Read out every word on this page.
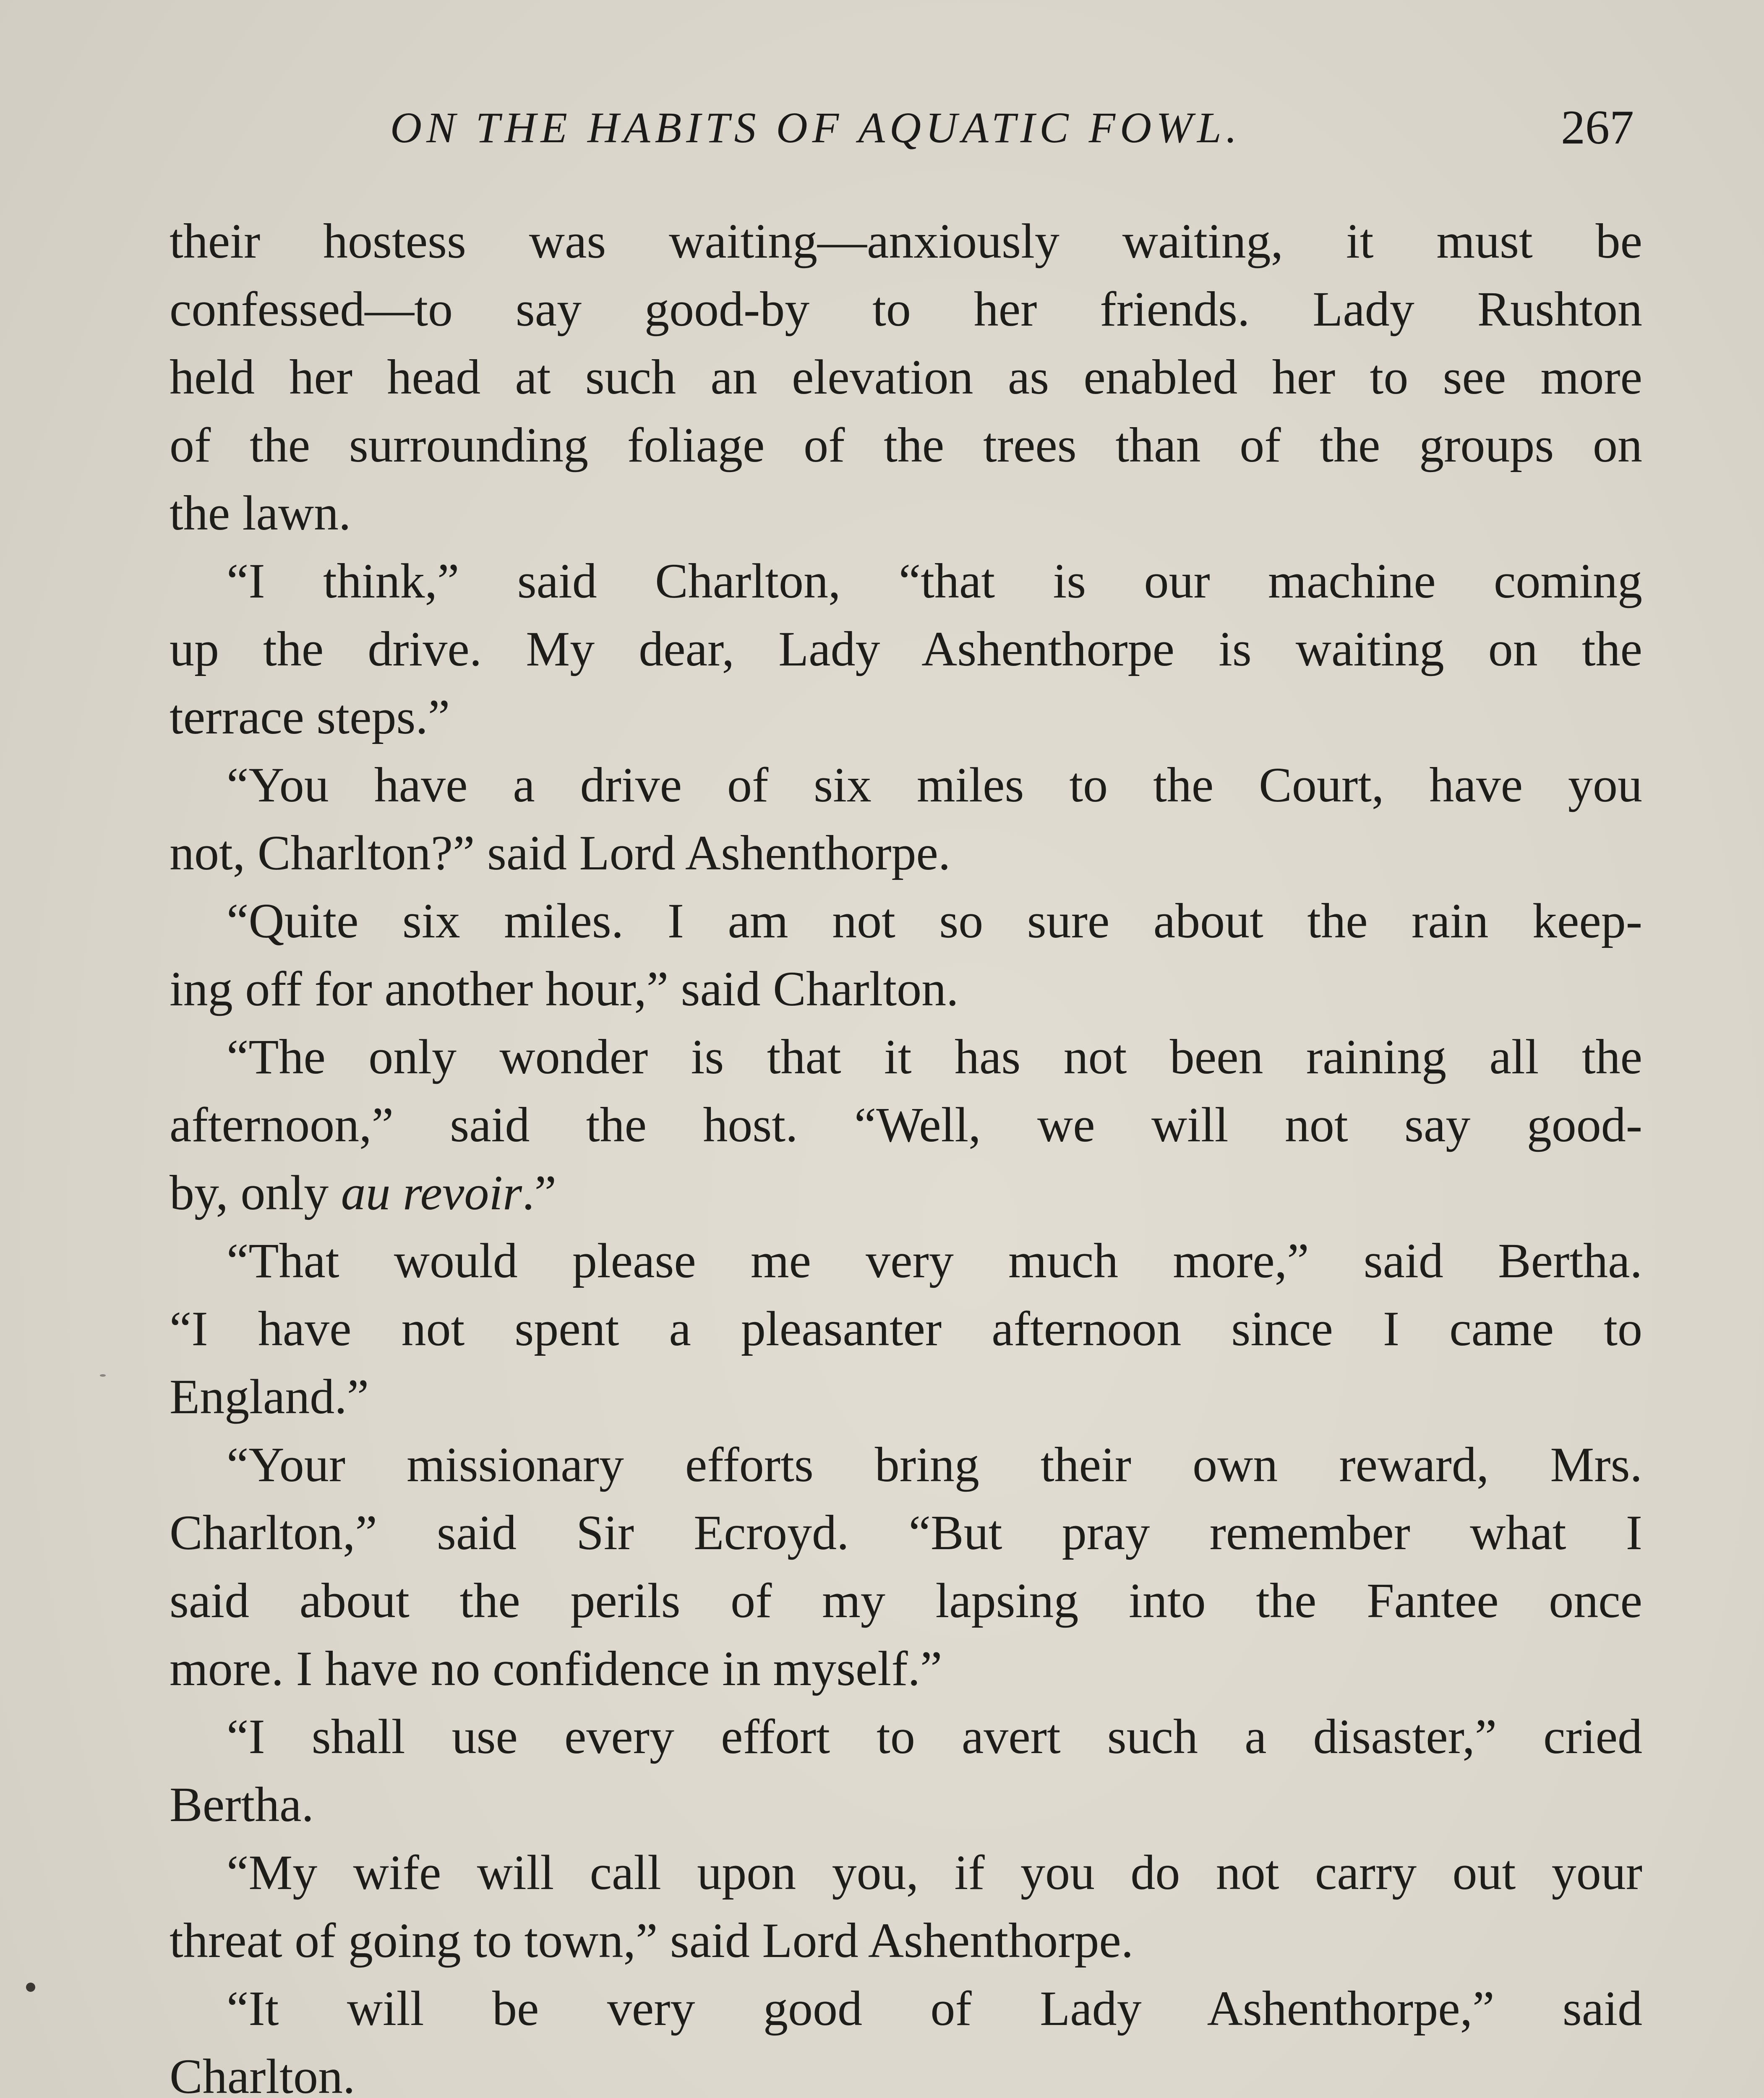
ON THE HABITS OF AQUATIC FOWL.	267
their hostess was waiting—anxiously waiting, it must be
confessed—to say good-by to her friends. Lady Rushton
held her head at such an elevation as enabled her to see more
of the surrounding foliage of the trees than of the groups on
the lawn.
“I think,” said Charlton, “that is our machine coming
up the drive. My dear, Lady Ashenthorpe is waiting on the
terrace steps.”
“You have a drive of six miles to the Court, have you
not, Charlton?” said Lord Ashenthorpe.
“Quite six miles. I am not so sure about the rain keep-
ing off for another hour,” said Charlton.
“The only wonder is that it has not been raining all the
afternoon,” said the host. “Well, we will not say good-
by, only au revoir.”
“That would please me very much more,” said Bertha.
“I have not spent a pleasanter afternoon since I came to
England.”
“Your missionary efforts bring their own reward, Mrs.
Charlton,” said Sir Ecroyd. “But pray remember what I
said about the perils of my lapsing into the Fantee once
more. I have no confidence in myself.”
“I shall use every effort to avert such a disaster,” cried
Bertha.
“My wife will call upon you, if you do not carry out your
threat of going to town,” said Lord Ashenthorpe.
“It will be very good of Lady Ashenthorpe,” said
Charlton.
